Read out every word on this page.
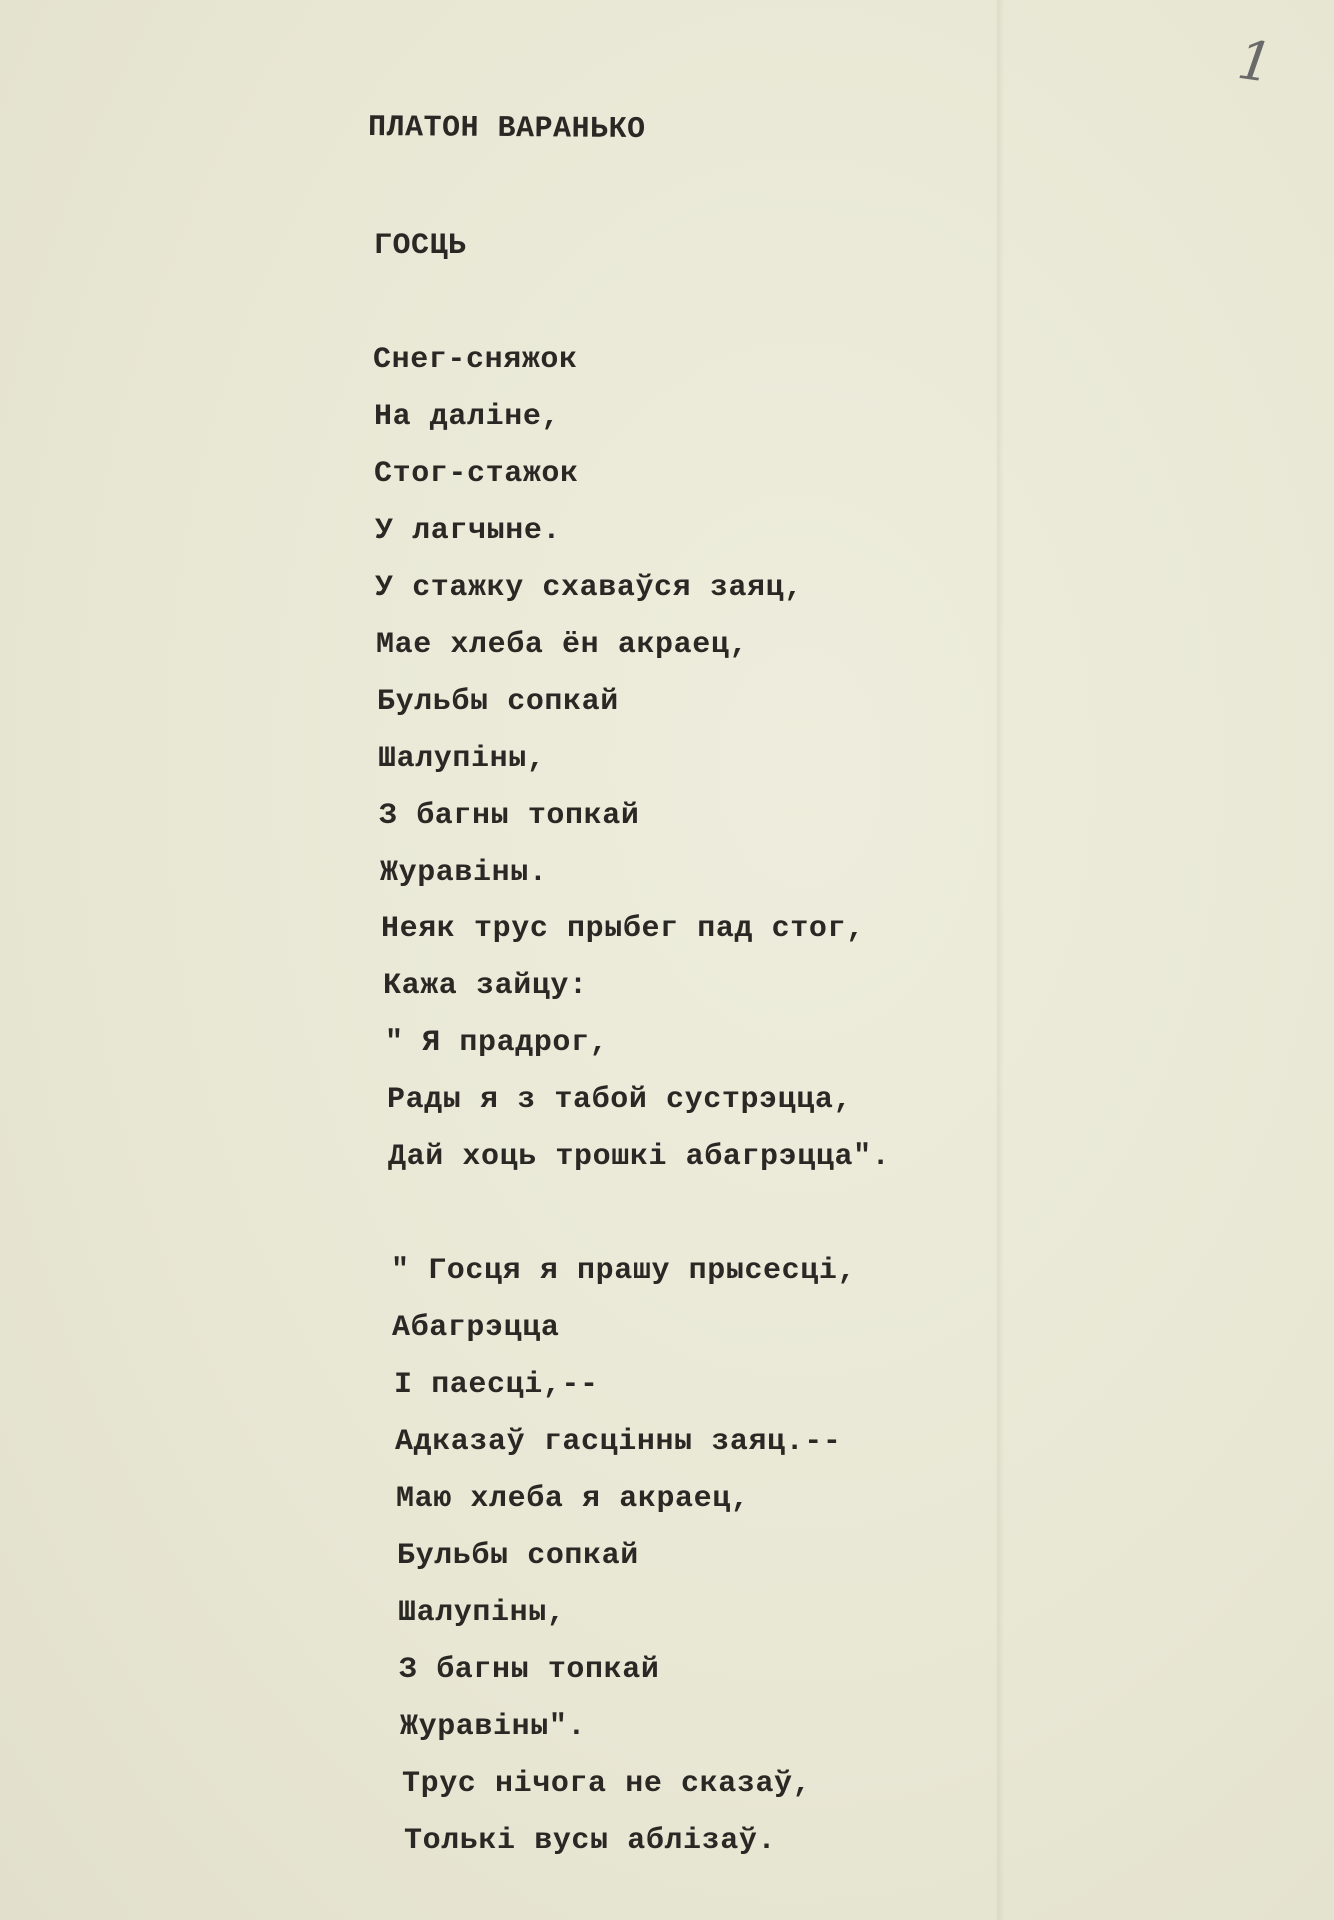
1
ПЛАТОН ВАРАНЬКО
ГОСЦЬ
Снег-сняжок
На даліне,
Стог-стажок
У лагчыне.
У стажку схаваўся заяц,
Мае хлеба ён акраец,
Бульбы сопкай
Шалупіны,
З багны топкай
Журавіны.
Неяк трус прыбег пад стог,
Кажа зайцу:
" Я прадрог,
Рады я з табой сустрэцца,
Дай хоць трошкі абагрэцца".
" Госця я прашу прысесці,
Абагрэцца
І паесці,--
Адказаў гасцінны заяц.--
Маю хлеба я акраец,
Бульбы сопкай
Шалупіны,
З багны топкай
Журавіны".
Трус нічога не сказаў,
Толькі вусы аблізаў.
